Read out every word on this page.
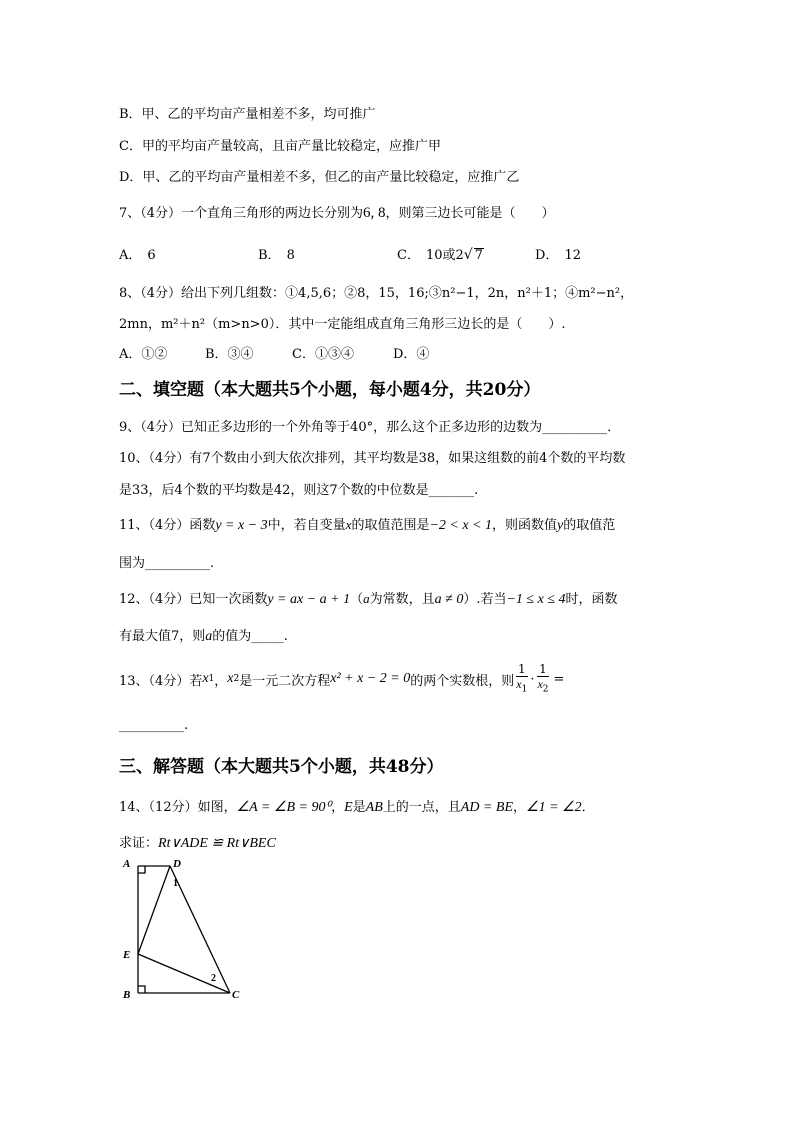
B．甲、乙的平均亩产量相差不多，均可推广
C．甲的平均亩产量较高，且亩产量比较稳定，应推广甲
D．甲、乙的平均亩产量相差不多，但乙的亩产量比较稳定，应推广乙
7、（4分）一个直角三角形的两边长分别为6, 8，则第三边长可能是（　　）
A． 6	B． 8	C． 10或2√ 7	D． 12
8、（4分）给出下列几组数：①4,5,6；②8，15，16;③n²−1，2n，n²＋1；④m²−n²，
2mn，m²＋n²（m>n>0）．其中一定能组成直角三角形三边长的是（　　）.
A．①②	B．③④	C．①③④	D．④
二、填空题（本大题共5个小题，每小题4分，共20分）
9、（4分）已知正多边形的一个外角等于40°，那么这个正多边形的边数为__________．
10、（4分）有7个数由小到大依次排列，其平均数是38，如果这组数的前4个数的平均数
是33，后4个数的平均数是42，则这7个数的中位数是_______.
11、（4分）函数y = x − 3中，若自变量x的取值范围是−2 < x < 1，则函数值y的取值范
围为__________.
12、（4分）已知一次函数y = ax − a + 1（a为常数，且a ≠ 0）.若当−1 ≤ x ≤ 4时，函数
有最大值7，则a的值为_____.
13、（4分）若 x 1 ， x 2 是一元二次方程 x² + x − 2 = 0 的两个实数根，则 $\frac{1}{x_1} \cdot \frac{1}{x_2}$ =
__________.
三、解答题（本大题共5个小题，共48分）
14、（12分）如图，∠A = ∠B = 90⁰，E是AB上的一点，且AD = BE，∠1 = ∠2．
求证：Rt∨ADE ≌ Rt∨BEC
A	D
1
E
2
B	C
